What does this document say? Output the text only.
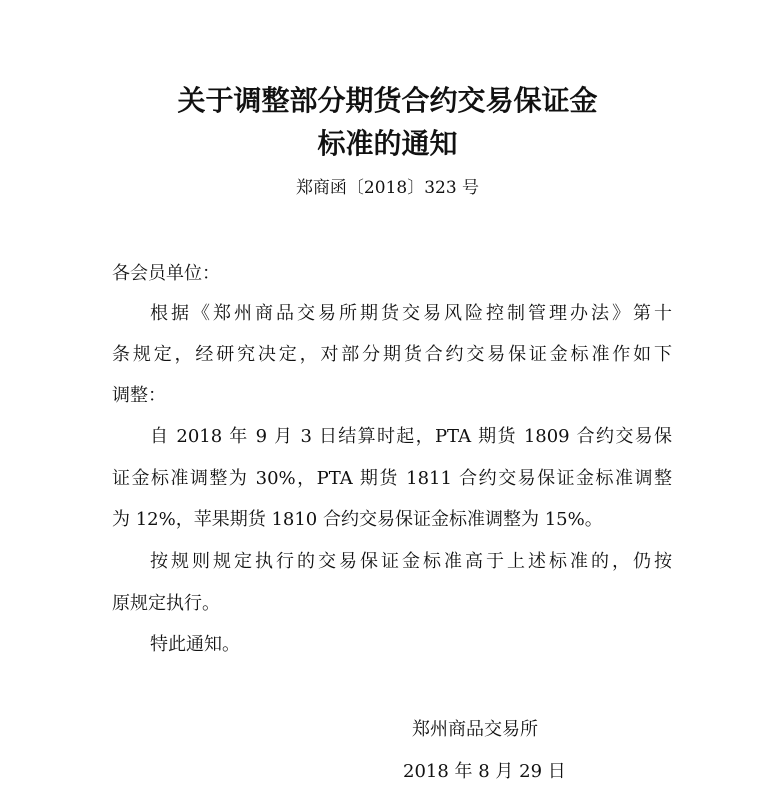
关于调整部分期货合约交易保证金
标准的通知
郑商函〔2018〕323 号
各会员单位：
根据《郑州商品交易所期货交易风险控制管理办法》第十
条规定，经研究决定，对部分期货合约交易保证金标准作如下
调整：
自 2018 年 9 月 3 日结算时起，PTA 期货 1809 合约交易保
证金标准调整为 30%，PTA 期货 1811 合约交易保证金标准调整
为 12%，苹果期货 1810 合约交易保证金标准调整为 15%。
按规则规定执行的交易保证金标准高于上述标准的，仍按
原规定执行。
特此通知。
郑州商品交易所
2018 年 8 月 29 日
